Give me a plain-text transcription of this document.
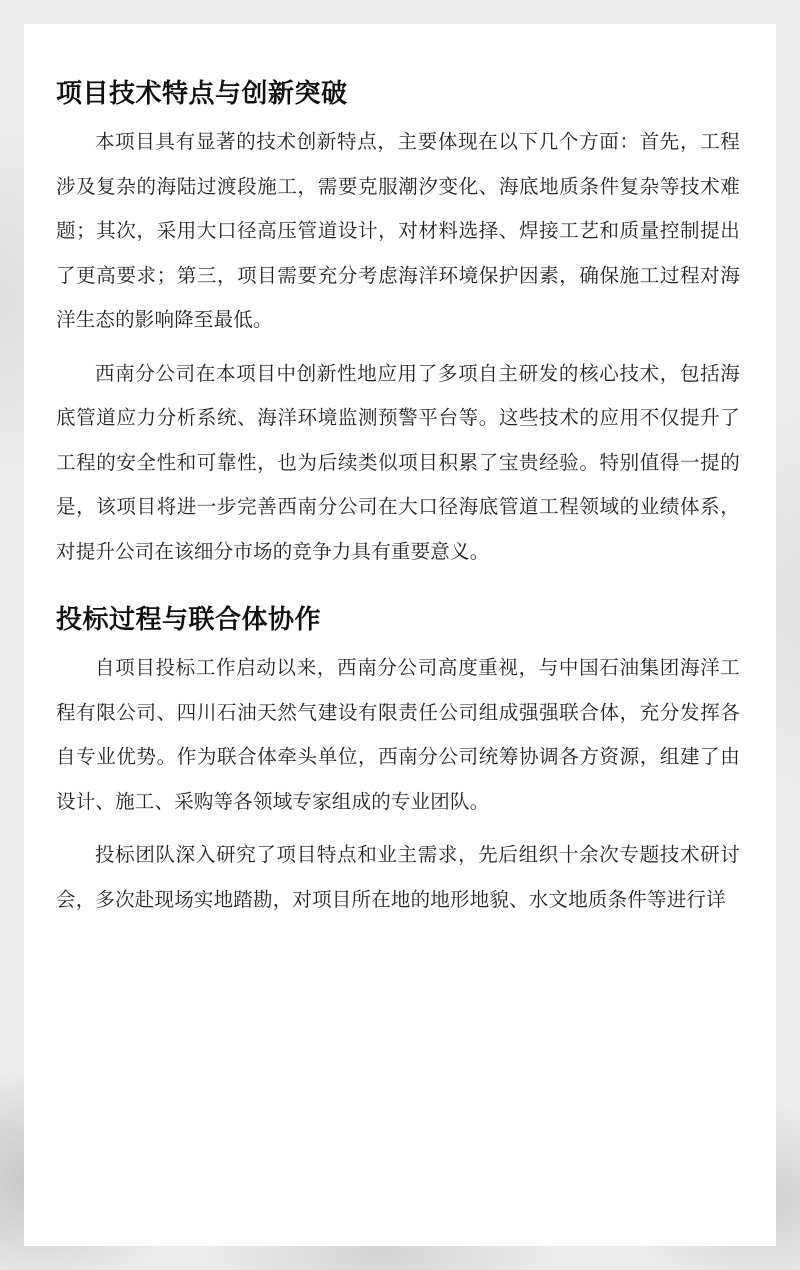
项目技术特点与创新突破

本项目具有显著的技术创新特点，主要体现在以下几个方面：首先，工程涉及复杂的海陆过渡段施工，需要克服潮汐变化、海底地质条件复杂等技术难题；其次，采用大口径高压管道设计，对材料选择、焊接工艺和质量控制提出了更高要求；第三，项目需要充分考虑海洋环境保护因素，确保施工过程对海洋生态的影响降至最低。

西南分公司在本项目中创新性地应用了多项自主研发的核心技术，包括海底管道应力分析系统、海洋环境监测预警平台等。这些技术的应用不仅提升了工程的安全性和可靠性，也为后续类似项目积累了宝贵经验。特别值得一提的是，该项目将进一步完善西南分公司在大口径海底管道工程领域的业绩体系，对提升公司在该细分市场的竞争力具有重要意义。

投标过程与联合体协作

自项目投标工作启动以来，西南分公司高度重视，与中国石油集团海洋工程有限公司、四川石油天然气建设有限责任公司组成强强联合体，充分发挥各自专业优势。作为联合体牵头单位，西南分公司统筹协调各方资源，组建了由设计、施工、采购等各领域专家组成的专业团队。

投标团队深入研究了项目特点和业主需求，先后组织十余次专题技术研讨会，多次赴现场实地踏勘，对项目所在地的地形地貌、水文地质条件等进行详
